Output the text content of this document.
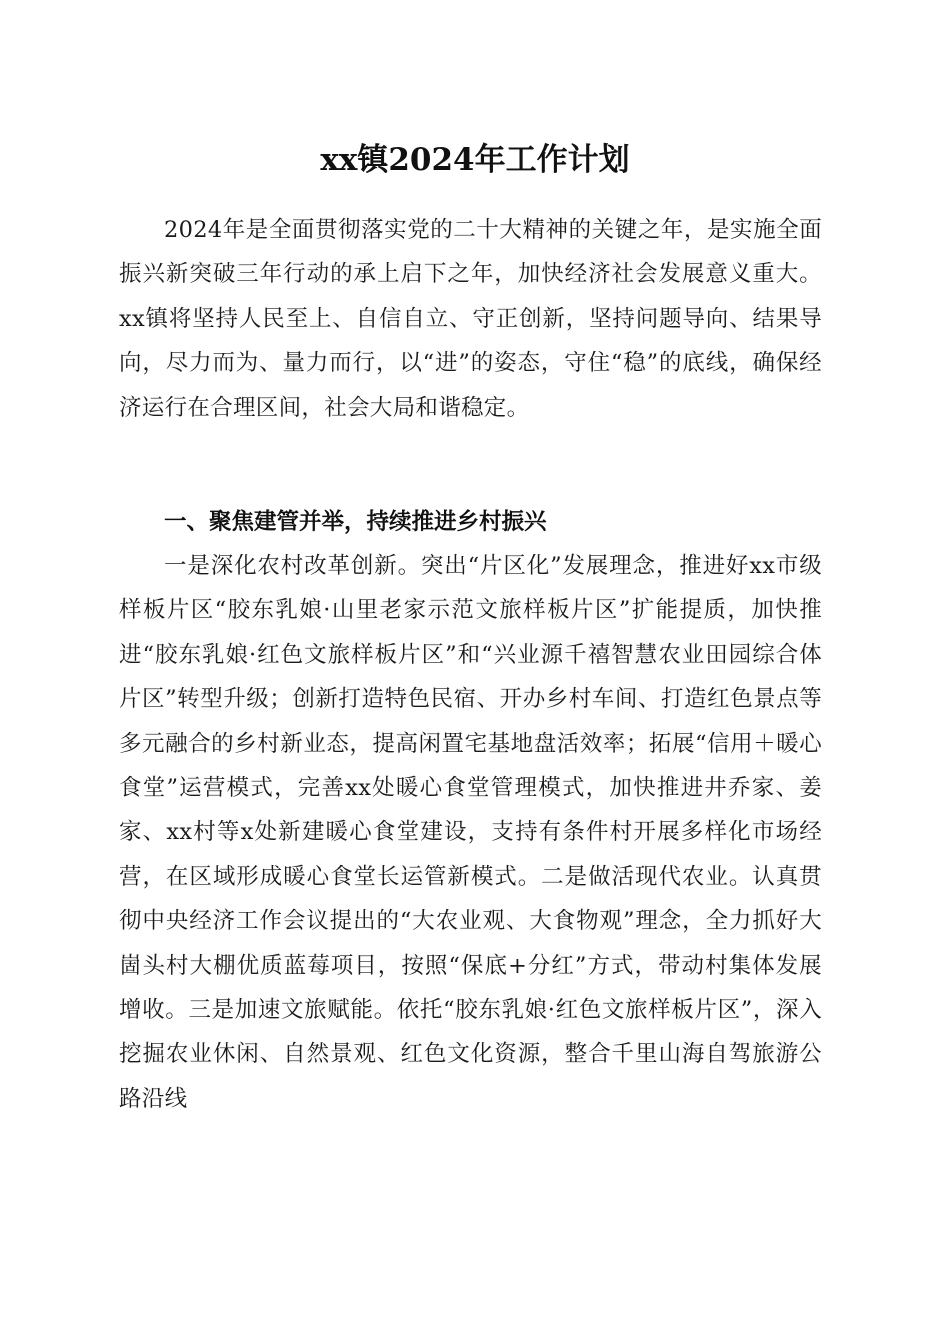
xx镇2024年工作计划

2024年是全面贯彻落实党的二十大精神的关键之年，是实施全面振兴新突破三年行动的承上启下之年，加快经济社会发展意义重大。xx镇将坚持人民至上、自信自立、守正创新，坚持问题导向、结果导向，尽力而为、量力而行，以“进”的姿态，守住“稳”的底线，确保经济运行在合理区间，社会大局和谐稳定。

一、聚焦建管并举，持续推进乡村振兴

一是深化农村改革创新。突出“片区化”发展理念，推进好xx市级样板片区“胶东乳娘·山里老家示范文旅样板片区”扩能提质，加快推进“胶东乳娘·红色文旅样板片区”和“兴业源千禧智慧农业田园综合体片区”转型升级；创新打造特色民宿、开办乡村车间、打造红色景点等多元融合的乡村新业态，提高闲置宅基地盘活效率；拓展“信用＋暖心食堂”运营模式，完善xx处暖心食堂管理模式，加快推进井乔家、姜家、xx村等x处新建暖心食堂建设，支持有条件村开展多样化市场经营，在区域形成暖心食堂长运管新模式。二是做活现代农业。认真贯彻中央经济工作会议提出的“大农业观、大食物观”理念，全力抓好大崮头村大棚优质蓝莓项目，按照“保底+分红”方式，带动村集体发展增收。三是加速文旅赋能。依托“胶东乳娘·红色文旅样板片区”，深入挖掘农业休闲、自然景观、红色文化资源，整合千里山海自驾旅游公路沿线
